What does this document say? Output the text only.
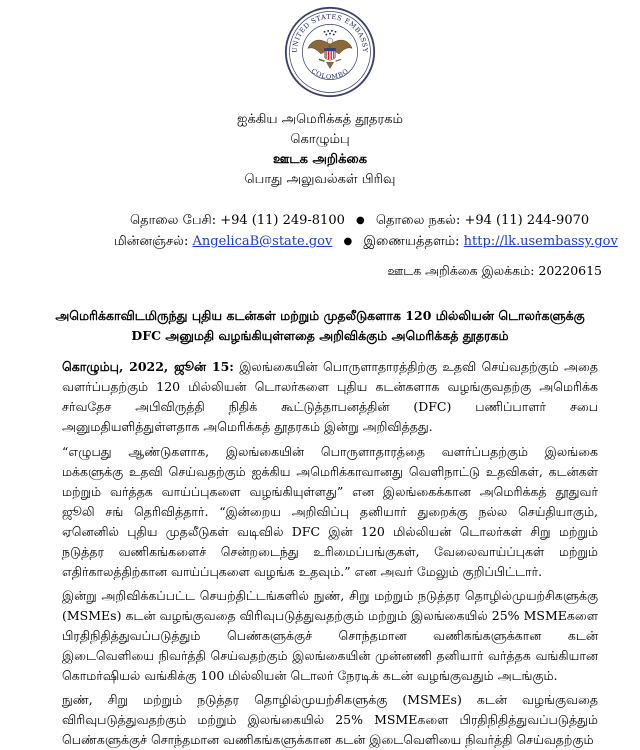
UNITED STATES EMBASSY
COLOMBO
ஐக்கிய அமெரிக்கத் தூதரகம்
கொழும்பு
ஊடக அறிக்கை
பொது அலுவல்கள் பிரிவு
தொலை பேசி: +94 (11) 249-8100 ● தொலை நகல்: +94 (11) 244-9070
மின்னஞ்சல்: AngelicaB@state.gov ● இணையத்தளம்: http://lk.usembassy.gov
ஊடக அறிக்கை இலக்கம்: 20220615
அமெரிக்காவிடமிருந்து புதிய கடன்கள் மற்றும் முதலீடுகளாக 120 மில்லியன் டொலர்களுக்கு
DFC அனுமதி வழங்கியுள்ளதை அறிவிக்கும் அமெரிக்கத் தூதரகம்
கொழும்பு, 2022, ஜூன் 15: இலங்கையின் பொருளாதாரத்திற்கு உதவி செய்வதற்கும் அதை வளர்ப்பதற்கும் 120 மில்லியன் டொலர்களை புதிய கடன்களாக வழங்குவதற்கு அமெரிக்க சர்வதேச அபிவிருத்தி நிதிக் கூட்டுத்தாபனத்தின் (DFC) பணிப்பாளர் சபை அனுமதியளித்துள்ளதாக அமெரிக்கத் தூதரகம் இன்று அறிவித்தது.
“எழுபது ஆண்டுகளாக, இலங்கையின் பொருளாதாரத்தை வளர்ப்பதற்கும் இலங்கை மக்களுக்கு உதவி செய்வதற்கும் ஐக்கிய அமெரிக்காவானது வெளிநாட்டு உதவிகள், கடன்கள் மற்றும் வர்த்தக வாய்ப்புகளை வழங்கியுள்ளது” என இலங்கைக்கான அமெரிக்கத் தூதுவர் ஜூலி சங் தெரிவித்தார். “இன்றைய அறிவிப்பு தனியார் துறைக்கு நல்ல செய்தியாகும், ஏனெனில் புதிய முதலீடுகள் வடிவில் DFC இன் 120 மில்லியன் டொலர்கள் சிறு மற்றும் நடுத்தர வணிகங்களைச் சென்றடைந்து உரிமைப்பங்குகள், வேலைவாய்ப்புகள் மற்றும் எதிர்காலத்திற்கான வாய்ப்புகளை வழங்க உதவும்.” என அவர் மேலும் குறிப்பிட்டார்.
இன்று அறிவிக்கப்பட்ட செயற்திட்டங்களில் நுண், சிறு மற்றும் நடுத்தர தொழில்முயற்சிகளுக்கு (MSMEs) கடன் வழங்குவதை விரிவுபடுத்துவதற்கும் மற்றும் இலங்கையில் 25% MSMEகளை பிரதிநிதித்துவப்படுத்தும் பெண்களுக்குச் சொந்தமான வணிகங்களுக்கான கடன் இடைவெளியை நிவர்த்தி செய்வதற்கும் இலங்கையின் முன்னணி தனியார் வர்த்தக வங்கியான கொமர்ஷியல் வங்கிக்கு 100 மில்லியன் டொலர் நேரடிக் கடன் வழங்குவதும் அடங்கும்.
நுண், சிறு மற்றும் நடுத்தர தொழில்முயற்சிகளுக்கு (MSMEs) கடன் வழங்குவதை விரிவுபடுத்துவதற்கும் மற்றும் இலங்கையில் 25% MSMEகளை பிரதிநிதித்துவப்படுத்தும் பெண்களுக்குச் சொந்தமான வணிகங்களுக்கான கடன் இடைவெளியை நிவர்த்தி செய்வதற்கும்
